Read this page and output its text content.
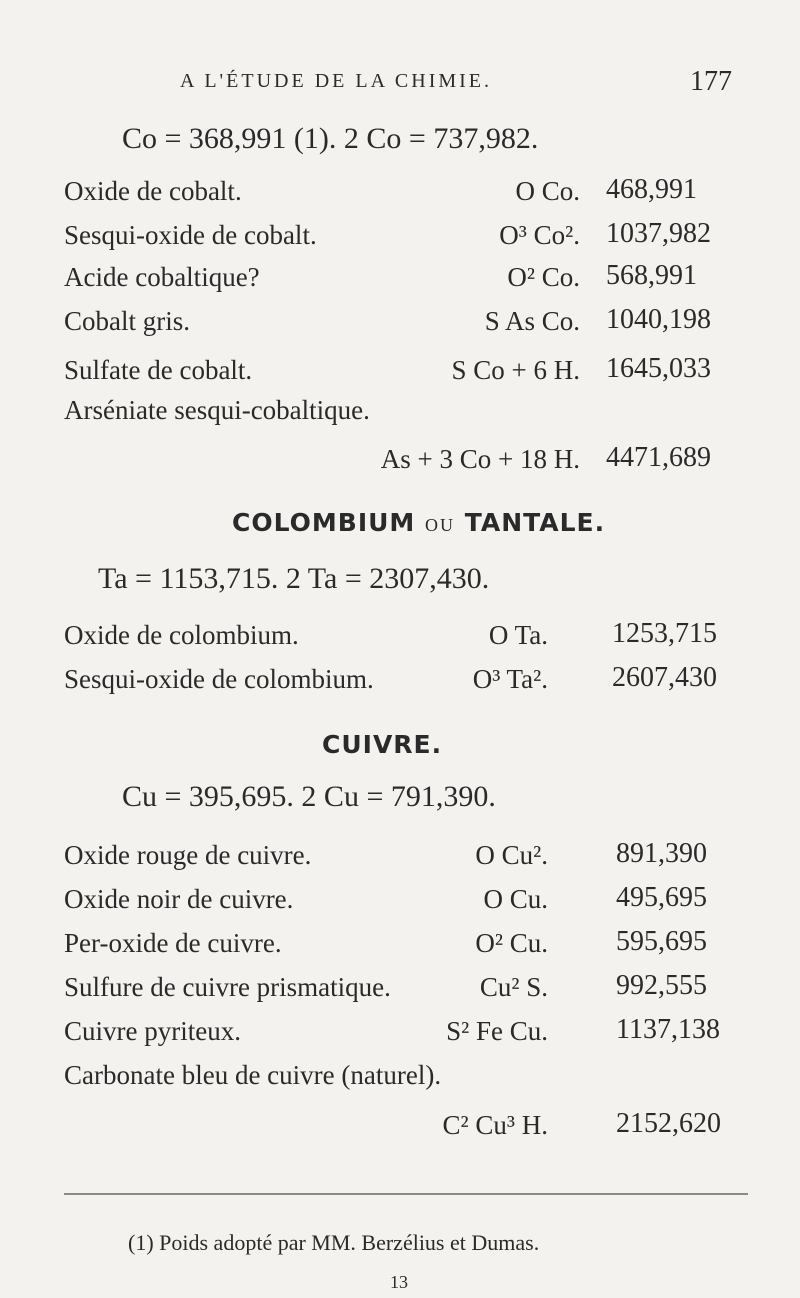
A L'ÉTUDE DE LA CHIMIE.	177
Co = 368,991 (1). 2 Co = 737,982.
Oxide de cobalt.	O Co. 468,991
Sesqui-oxide de cobalt.	O³ Co². 1037,982
Acide cobaltique?	O² Co. 568,991
Cobalt gris.	S As Co. 1040,198
Sulfate de cobalt.	S Co + 6 H. 1645,033
Arséniate sesqui-cobaltique.
As + 3 Co + 18 H. 4471,689
COLOMBIUM OU TANTALE.
Ta = 1153,715. 2 Ta = 2307,430.
Oxide de colombium.	O Ta. 1253,715
Sesqui-oxide de colombium.	O³ Ta². 2607,430
CUIVRE.
Cu = 395,695. 2 Cu = 791,390.
Oxide rouge de cuivre.	O Cu². 891,390
Oxide noir de cuivre.	O Cu. 495,695
Per-oxide de cuivre.	O² Cu. 595,695
Sulfure de cuivre prismatique.	Cu² S. 992,555
Cuivre pyriteux.	S² Fe Cu. 1137,138
Carbonate bleu de cuivre (naturel).
C² Cu³ H. 2152,620
(1) Poids adopté par MM. Berzélius et Dumas.
13
